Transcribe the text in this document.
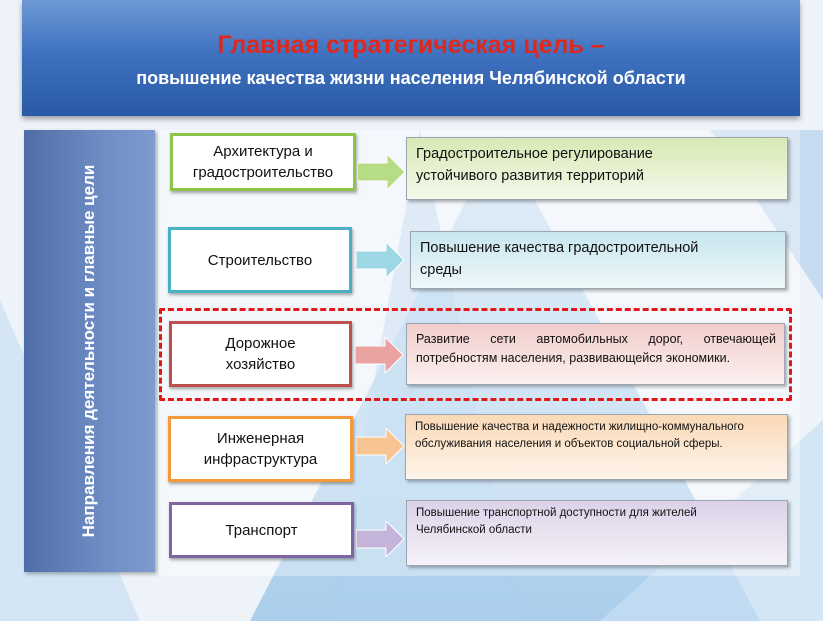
Главная стратегическая цель –
повышение качества жизни населения Челябинской области
Направления деятельности и главные цели
Архитектура и
градостроительство
Градостроительное регулирование
устойчивого развития территорий
Строительство
Повышение качества градостроительной
среды
Дорожное
хозяйство
Развитие сети автомобильных дорог, отвечающей потребностям населения, развивающейся экономики.
Инженерная
инфраструктура
Повышение качества и надежности жилищно-коммунального обслуживания населения и объектов социальной сферы.
Транспорт
Повышение транспортной доступности для жителей
Челябинской области
